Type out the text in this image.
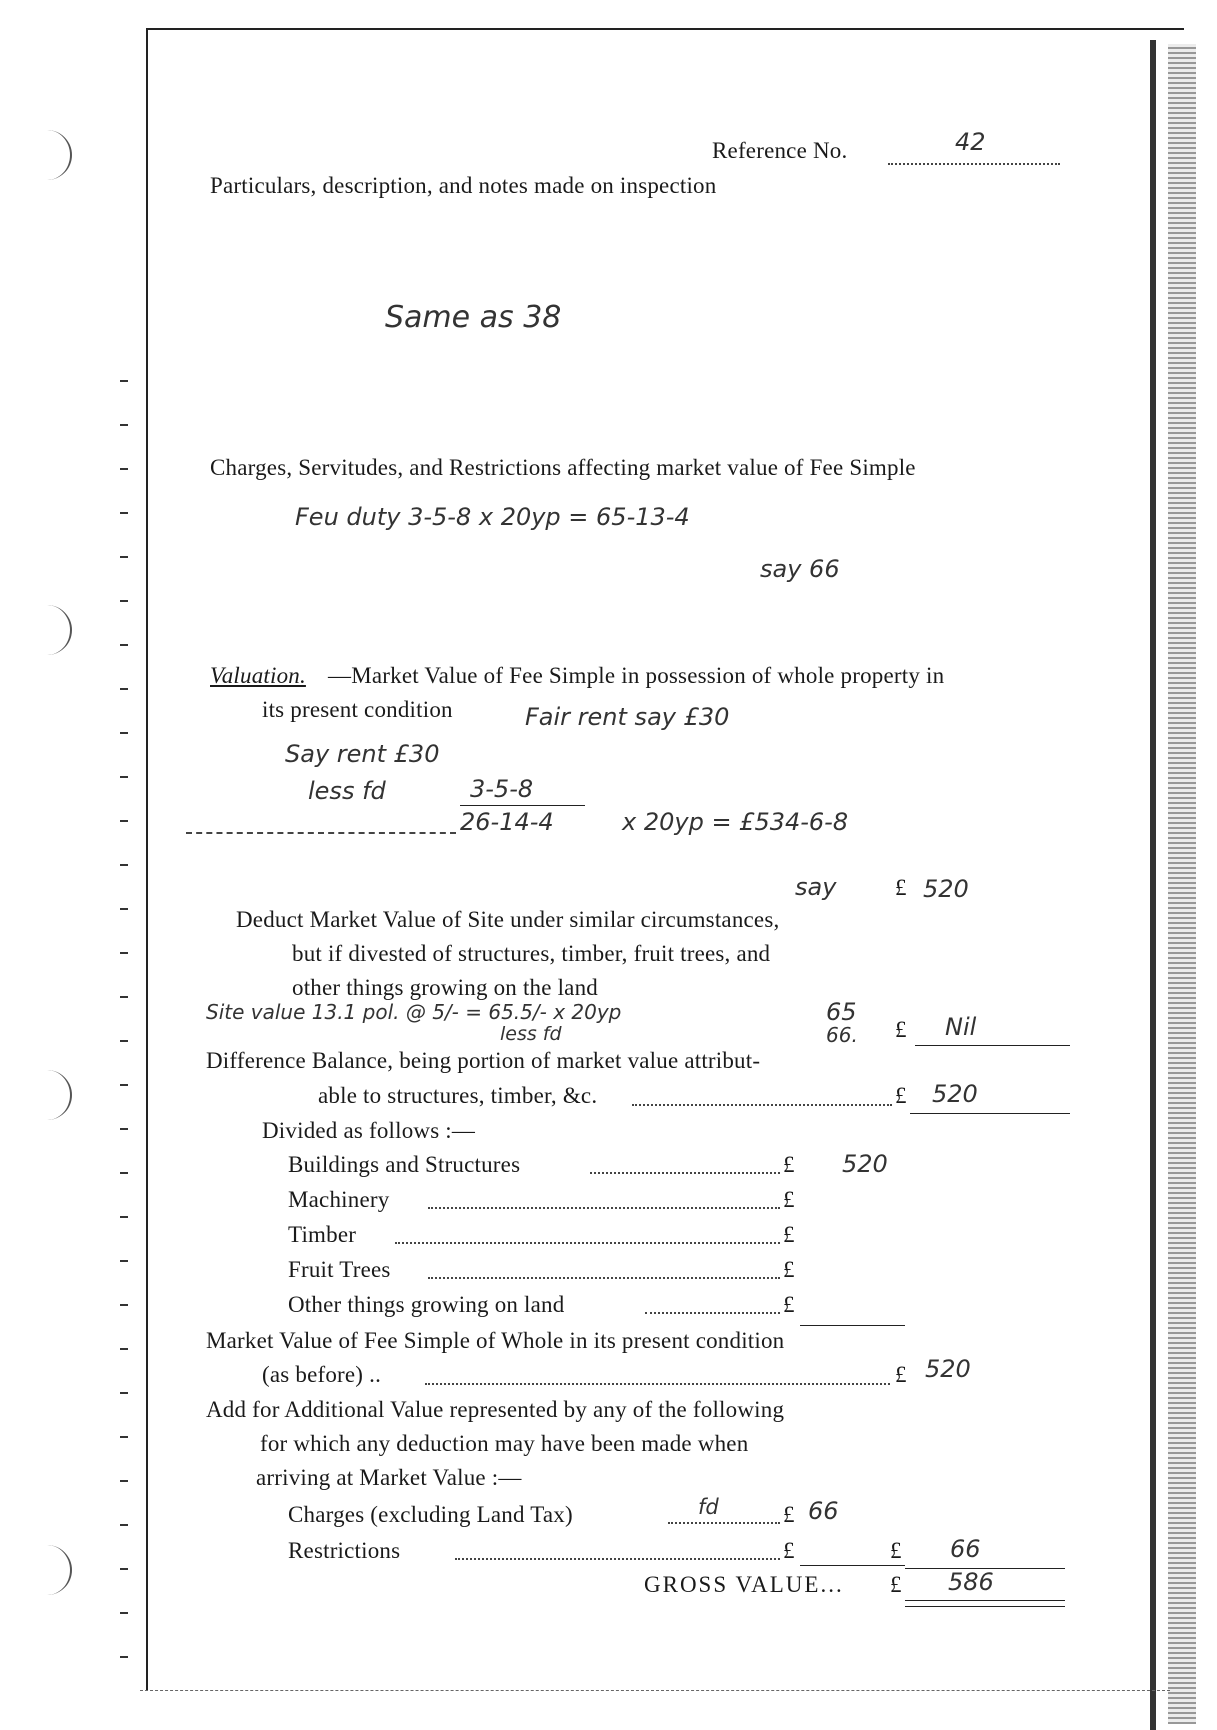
Reference No.	42
Particulars, description, and notes made on inspection
Same as 38
Charges, Servitudes, and Restrictions affecting market value of Fee Simple
Feu duty 3-5-8 x 20yp = 65-13-4
say 66
Valuation. —Market Value of Fee Simple in possession of whole property in
its present condition	Fair rent say £30
Say rent £30
less fd	3-5-8
26-14-4	x 20yp = £534-6-8
say	£ 520
Deduct Market Value of Site under similar circumstances,
but if divested of structures, timber, fruit trees, and
other things growing on the land
Site value 13.1 pol. @ 5/- = 65.5/- x 20yp	65
less fd	66. £ Nil
Difference Balance, being portion of market value attribut-
able to structures, timber, &c.	£ 520
Divided as follows :—
Buildings and Structures	£ 520
Machinery	£
Timber	£
Fruit Trees	£
Other things growing on land	£
Market Value of Fee Simple of Whole in its present condition
(as before) ..	£ 520
Add for Additional Value represented by any of the following
for which any deduction may have been made when
arriving at Market Value :—
Charges (excluding Land Tax)	fd	£ 66
Restrictions	£	£ 66
GROSS VALUE... £ 586
